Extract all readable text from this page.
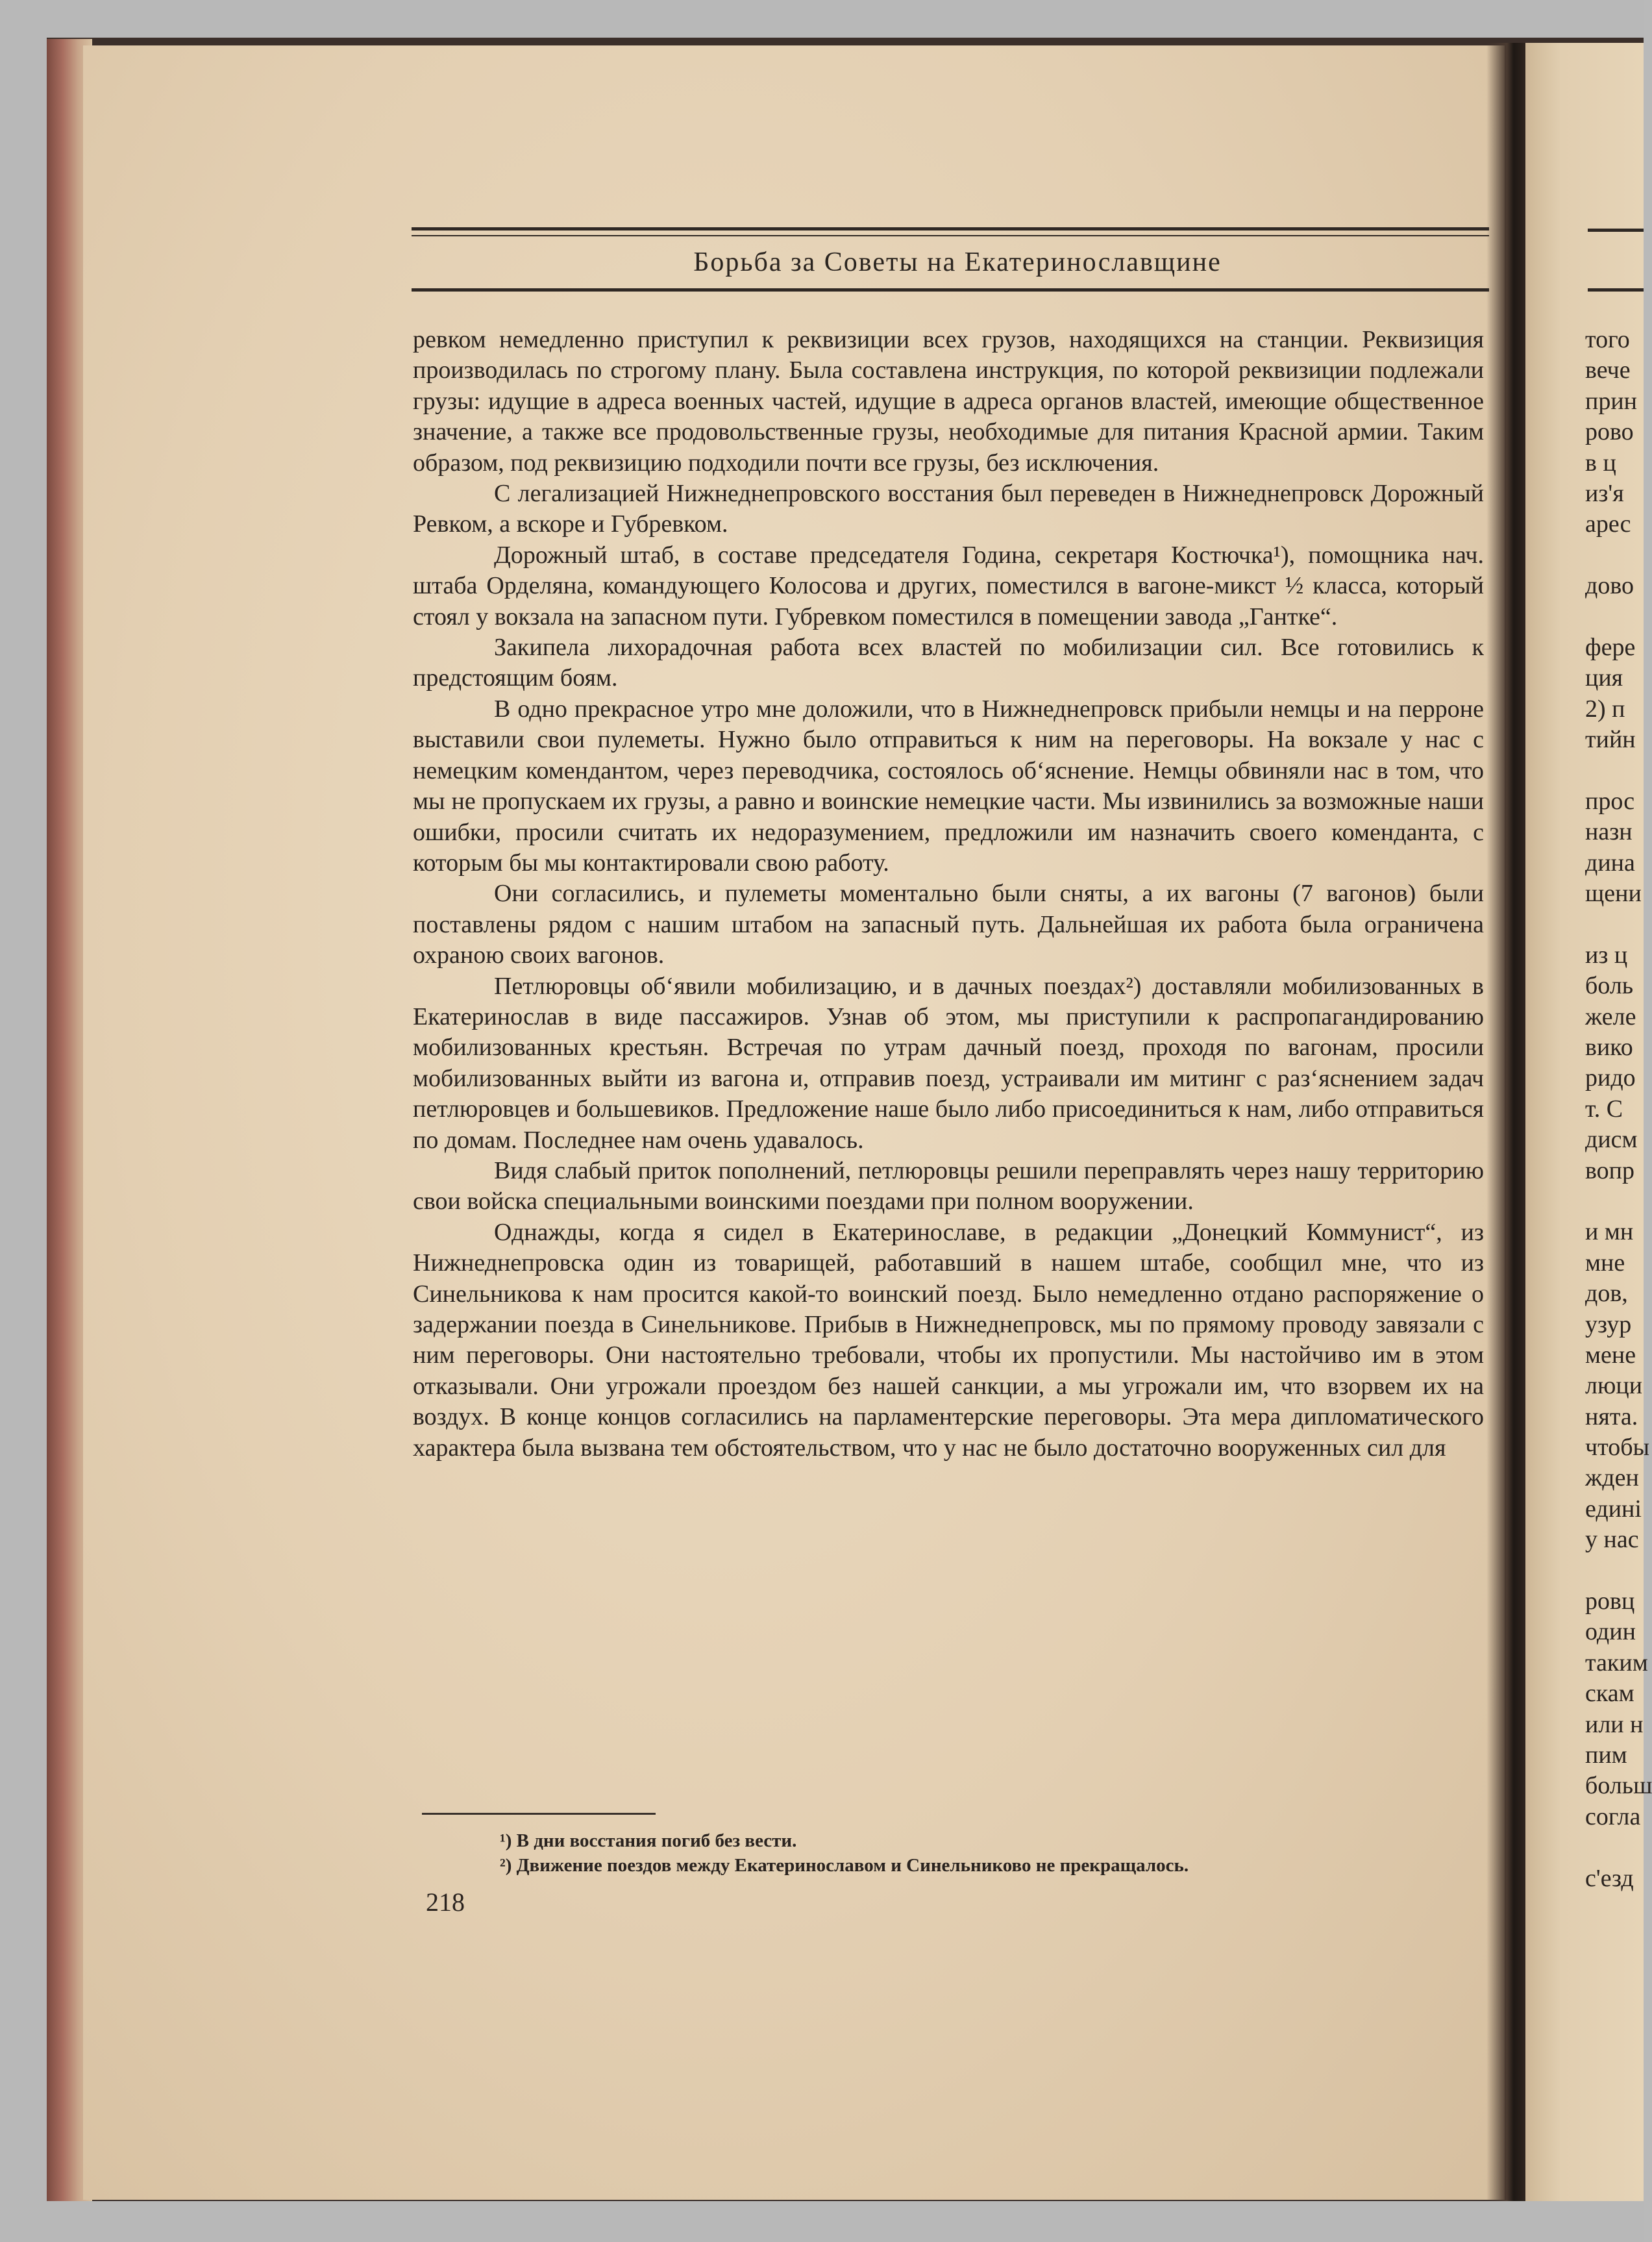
Борьба за Советы на Екатеринославщине

ревком немедленно приступил к реквизиции всех грузов, находящихся на станции. Реквизиция производилась по строгому плану. Была составлена инструкция, по которой реквизиции подлежали грузы: идущие в адреса военных частей, идущие в адреса органов властей, имеющие общественное значение, а также все продовольственные грузы, необходимые для питания Красной армии. Таким образом, под реквизицию подходили почти все грузы, без исключения.

С легализацией Нижнеднепровского восстания был переведен в Нижнеднепровск Дорожный Ревком, а вскоре и Губревком.

Дорожный штаб, в составе председателя Година, секретаря Костючка¹), помощника нач. штаба Орделяна, командующего Колосова и других, поместился в вагоне-микст ½ класса, который стоял у вокзала на запасном пути. Губревком поместился в помещении завода „Гантке“.

Закипела лихорадочная работа всех властей по мобилизации сил. Все готовились к предстоящим боям.

В одно прекрасное утро мне доложили, что в Нижнеднепровск прибыли немцы и на перроне выставили свои пулеметы. Нужно было отправиться к ним на переговоры. На вокзале у нас с немецким комендантом, через переводчика, состоялось об‘яснение. Немцы обвиняли нас в том, что мы не пропускаем их грузы, а равно и воинские немецкие части. Мы извинились за возможные наши ошибки, просили считать их недоразумением, предложили им назначить своего коменданта, с которым бы мы контактировали свою работу.

Они согласились, и пулеметы моментально были сняты, а их вагоны (7 вагонов) были поставлены рядом с нашим штабом на запасный путь. Дальнейшая их работа была ограничена охраною своих вагонов.

Петлюровцы об‘явили мобилизацию, и в дачных поездах²) доставляли мобилизованных в Екатеринослав в виде пассажиров. Узнав об этом, мы приступили к распропагандированию мобилизованных крестьян. Встречая по утрам дачный поезд, проходя по вагонам, просили мобилизованных выйти из вагона и, отправив поезд, устраивали им митинг с раз‘яснением задач петлюровцев и большевиков. Предложение наше было либо присоединиться к нам, либо отправиться по домам. Последнее нам очень удавалось.

Видя слабый приток пополнений, петлюровцы решили переправлять через нашу территорию свои войска специальными воинскими поездами при полном вооружении.

Однажды, когда я сидел в Екатеринославе, в редакции „Донецкий Коммунист“, из Нижнеднепровска один из товарищей, работавший в нашем штабе, сообщил мне, что из Синельникова к нам просится какой-то воинский поезд. Было немедленно отдано распоряжение о задержании поезда в Синельникове. Прибыв в Нижнеднепровск, мы по прямому проводу завязали с ним переговоры. Они настоятельно требовали, чтобы их пропустили. Мы настойчиво им в этом отказывали. Они угрожали проездом без нашей санкции, а мы угрожали им, что взорвем их на воздух. В конце концов согласились на парламентерские переговоры. Эта мера дипломатического характера была вызвана тем обстоятельством, что у нас не было достаточно вооруженных сил для

¹) В дни восстания погиб без вести.
²) Движение поездов между Екатеринославом и Синельниково не прекращалось.
218
того
вече
прин
рово
в ц
из'я
арес
дово
фере
ция
2) п
тийн
прос
назн
дина
щени
из ц
боль
желе
вико
ридо
т. С
дисм
вопр
и мн
мне
дов,
узур
мене
люци
нята.
чтобы
жден
едині
у нас
ровц
один
таким
скам
или н
пим
больш
согла
с'езд
